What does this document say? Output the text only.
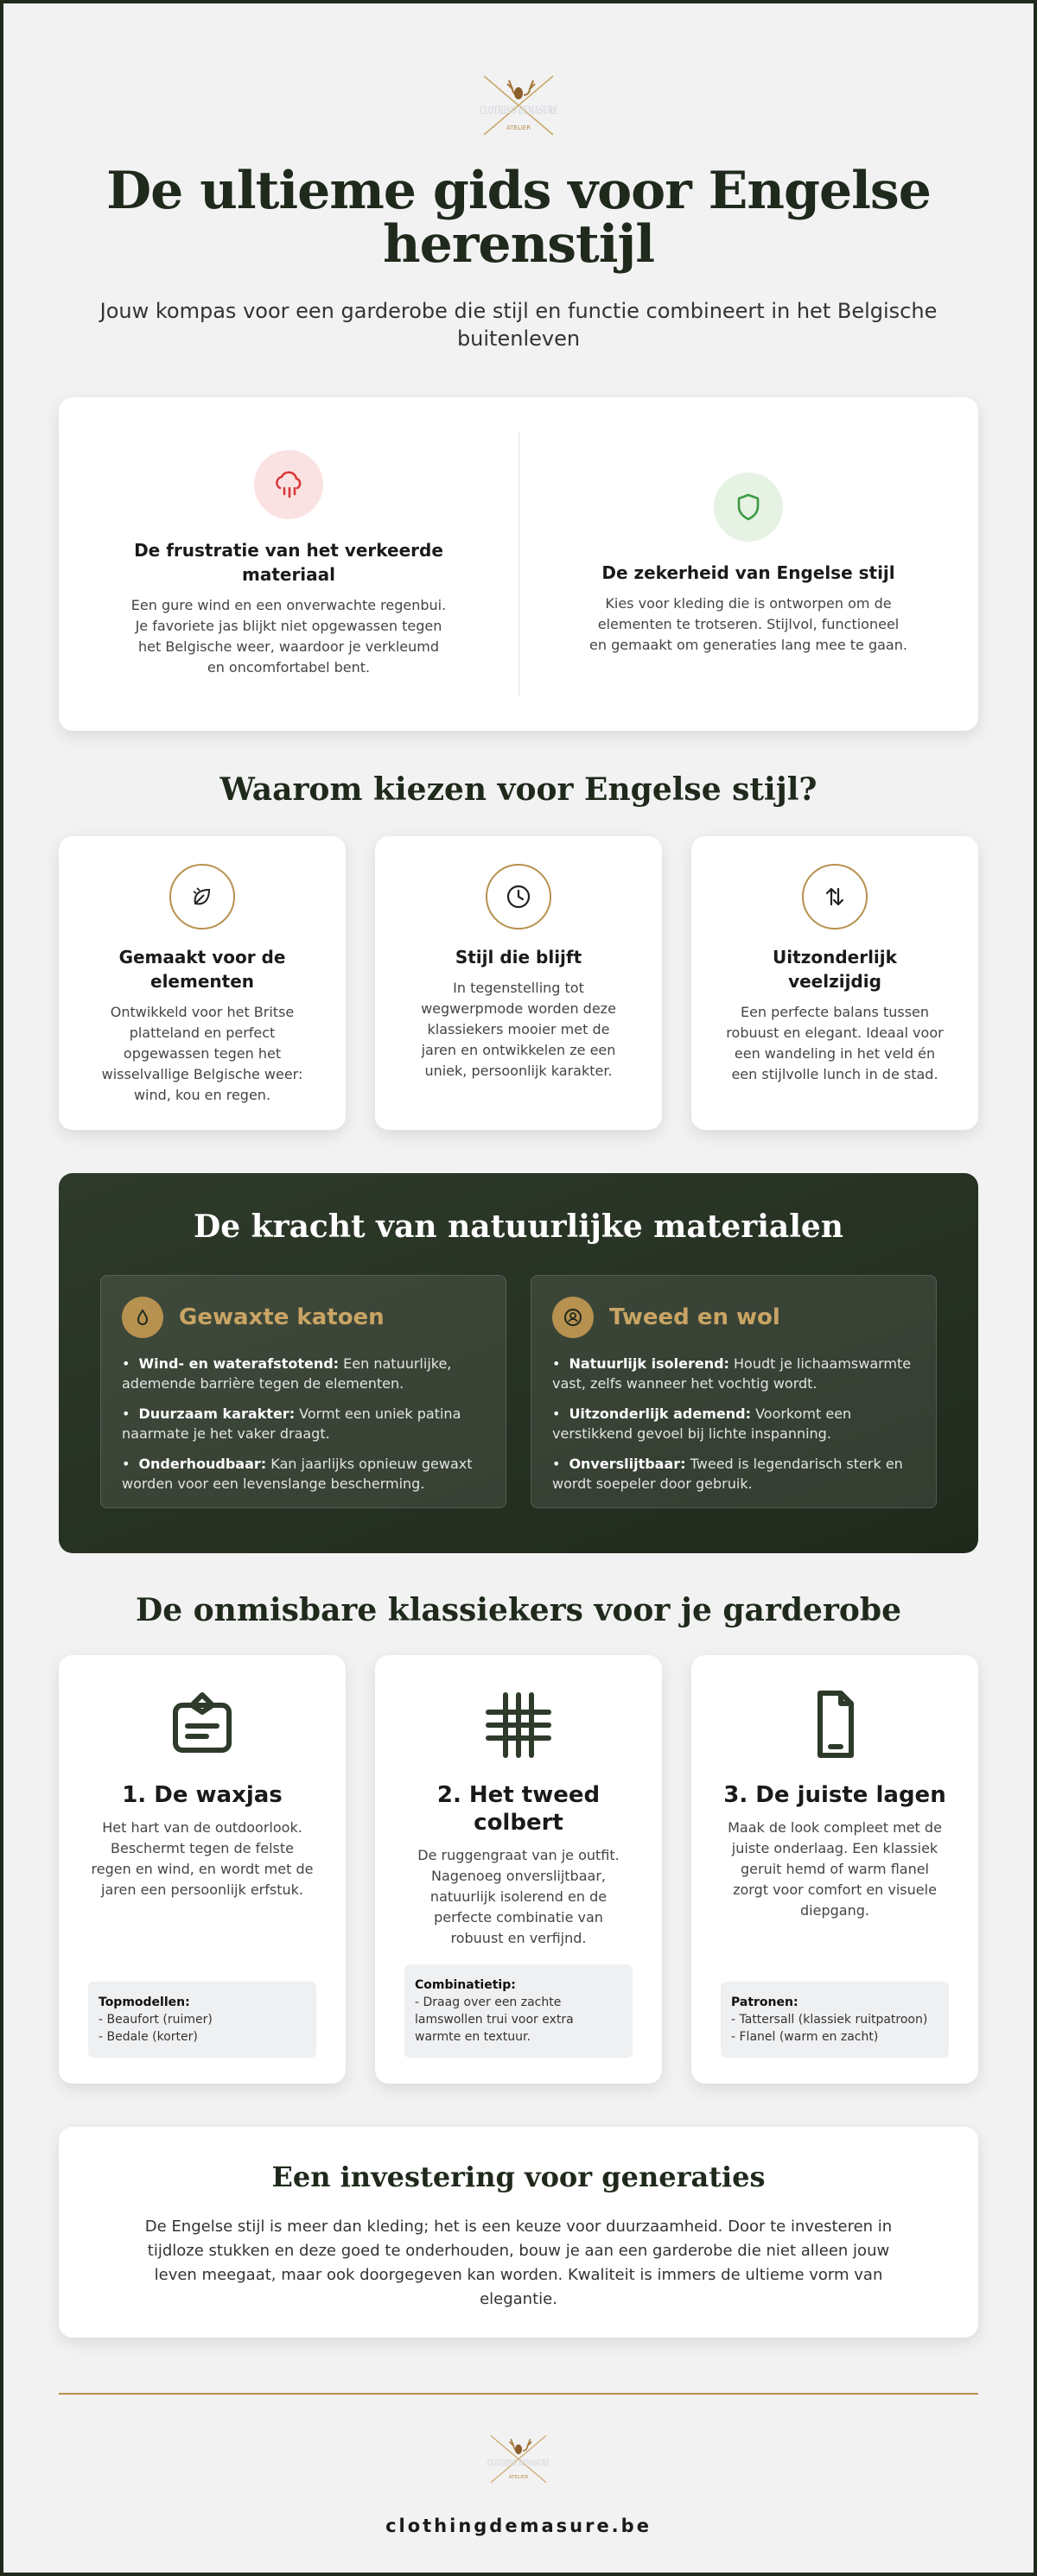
CLOTHING DEMASURE
ATELIER
De ultieme gids voor Engelse herenstijl

Jouw kompas voor een garderobe die stijl en functie combineert in het Belgische buitenleven

De frustratie van het verkeerde materiaal
Een gure wind en een onverwachte regenbui. Je favoriete jas blijkt niet opgewassen tegen het Belgische weer, waardoor je verkleumd en oncomfortabel bent.
De zekerheid van Engelse stijl
Kies voor kleding die is ontworpen om de elementen te trotseren. Stijlvol, functioneel en gemaakt om generaties lang mee te gaan.
Waarom kiezen voor Engelse stijl?
Gemaakt voor de elementen
Ontwikkeld voor het Britse platteland en perfect opgewassen tegen het wisselvallige Belgische weer: wind, kou en regen.
Stijl die blijft
In tegenstelling tot wegwerpmode worden deze klassiekers mooier met de jaren en ontwikkelen ze een uniek, persoonlijk karakter.
Uitzonderlijk veelzijdig
Een perfecte balans tussen robuust en elegant. Ideaal voor een wandeling in het veld én een stijlvolle lunch in de stad.
De kracht van natuurlijke materialen
Gewaxte katoen
• Wind- en waterafstotend: Een natuurlijke, ademende barrière tegen de elementen.
• Duurzaam karakter: Vormt een uniek patina naarmate je het vaker draagt.
• Onderhoudbaar: Kan jaarlijks opnieuw gewaxt worden voor een levenslange bescherming.
Tweed en wol
• Natuurlijk isolerend: Houdt je lichaamswarmte vast, zelfs wanneer het vochtig wordt.
• Uitzonderlijk ademend: Voorkomt een verstikkend gevoel bij lichte inspanning.
• Onverslijtbaar: Tweed is legendarisch sterk en wordt soepeler door gebruik.
De onmisbare klassiekers voor je garderobe
1. De waxjas
Het hart van de outdoorlook. Beschermt tegen de felste regen en wind, en wordt met de jaren een persoonlijk erfstuk.
Topmodellen:
- Beaufort (ruimer)
- Bedale (korter)
2. Het tweed colbert
De ruggengraat van je outfit. Nagenoeg onverslijtbaar, natuurlijk isolerend en de perfecte combinatie van robuust en verfijnd.
Combinatietip:
- Draag over een zachte lamswollen trui voor extra warmte en textuur.
3. De juiste lagen
Maak de look compleet met de juiste onderlaag. Een klassiek geruit hemd of warm flanel zorgt voor comfort en visuele diepgang.
Patronen:
- Tattersall (klassiek ruitpatroon)
- Flanel (warm en zacht)
Een investering voor generaties
De Engelse stijl is meer dan kleding; het is een keuze voor duurzaamheid. Door te investeren in tijdloze stukken en deze goed te onderhouden, bouw je aan een garderobe die niet alleen jouw leven meegaat, maar ook doorgegeven kan worden. Kwaliteit is immers de ultieme vorm van elegantie.
CLOTHING DEMASURE
ATELIER
clothingdemasure.be
